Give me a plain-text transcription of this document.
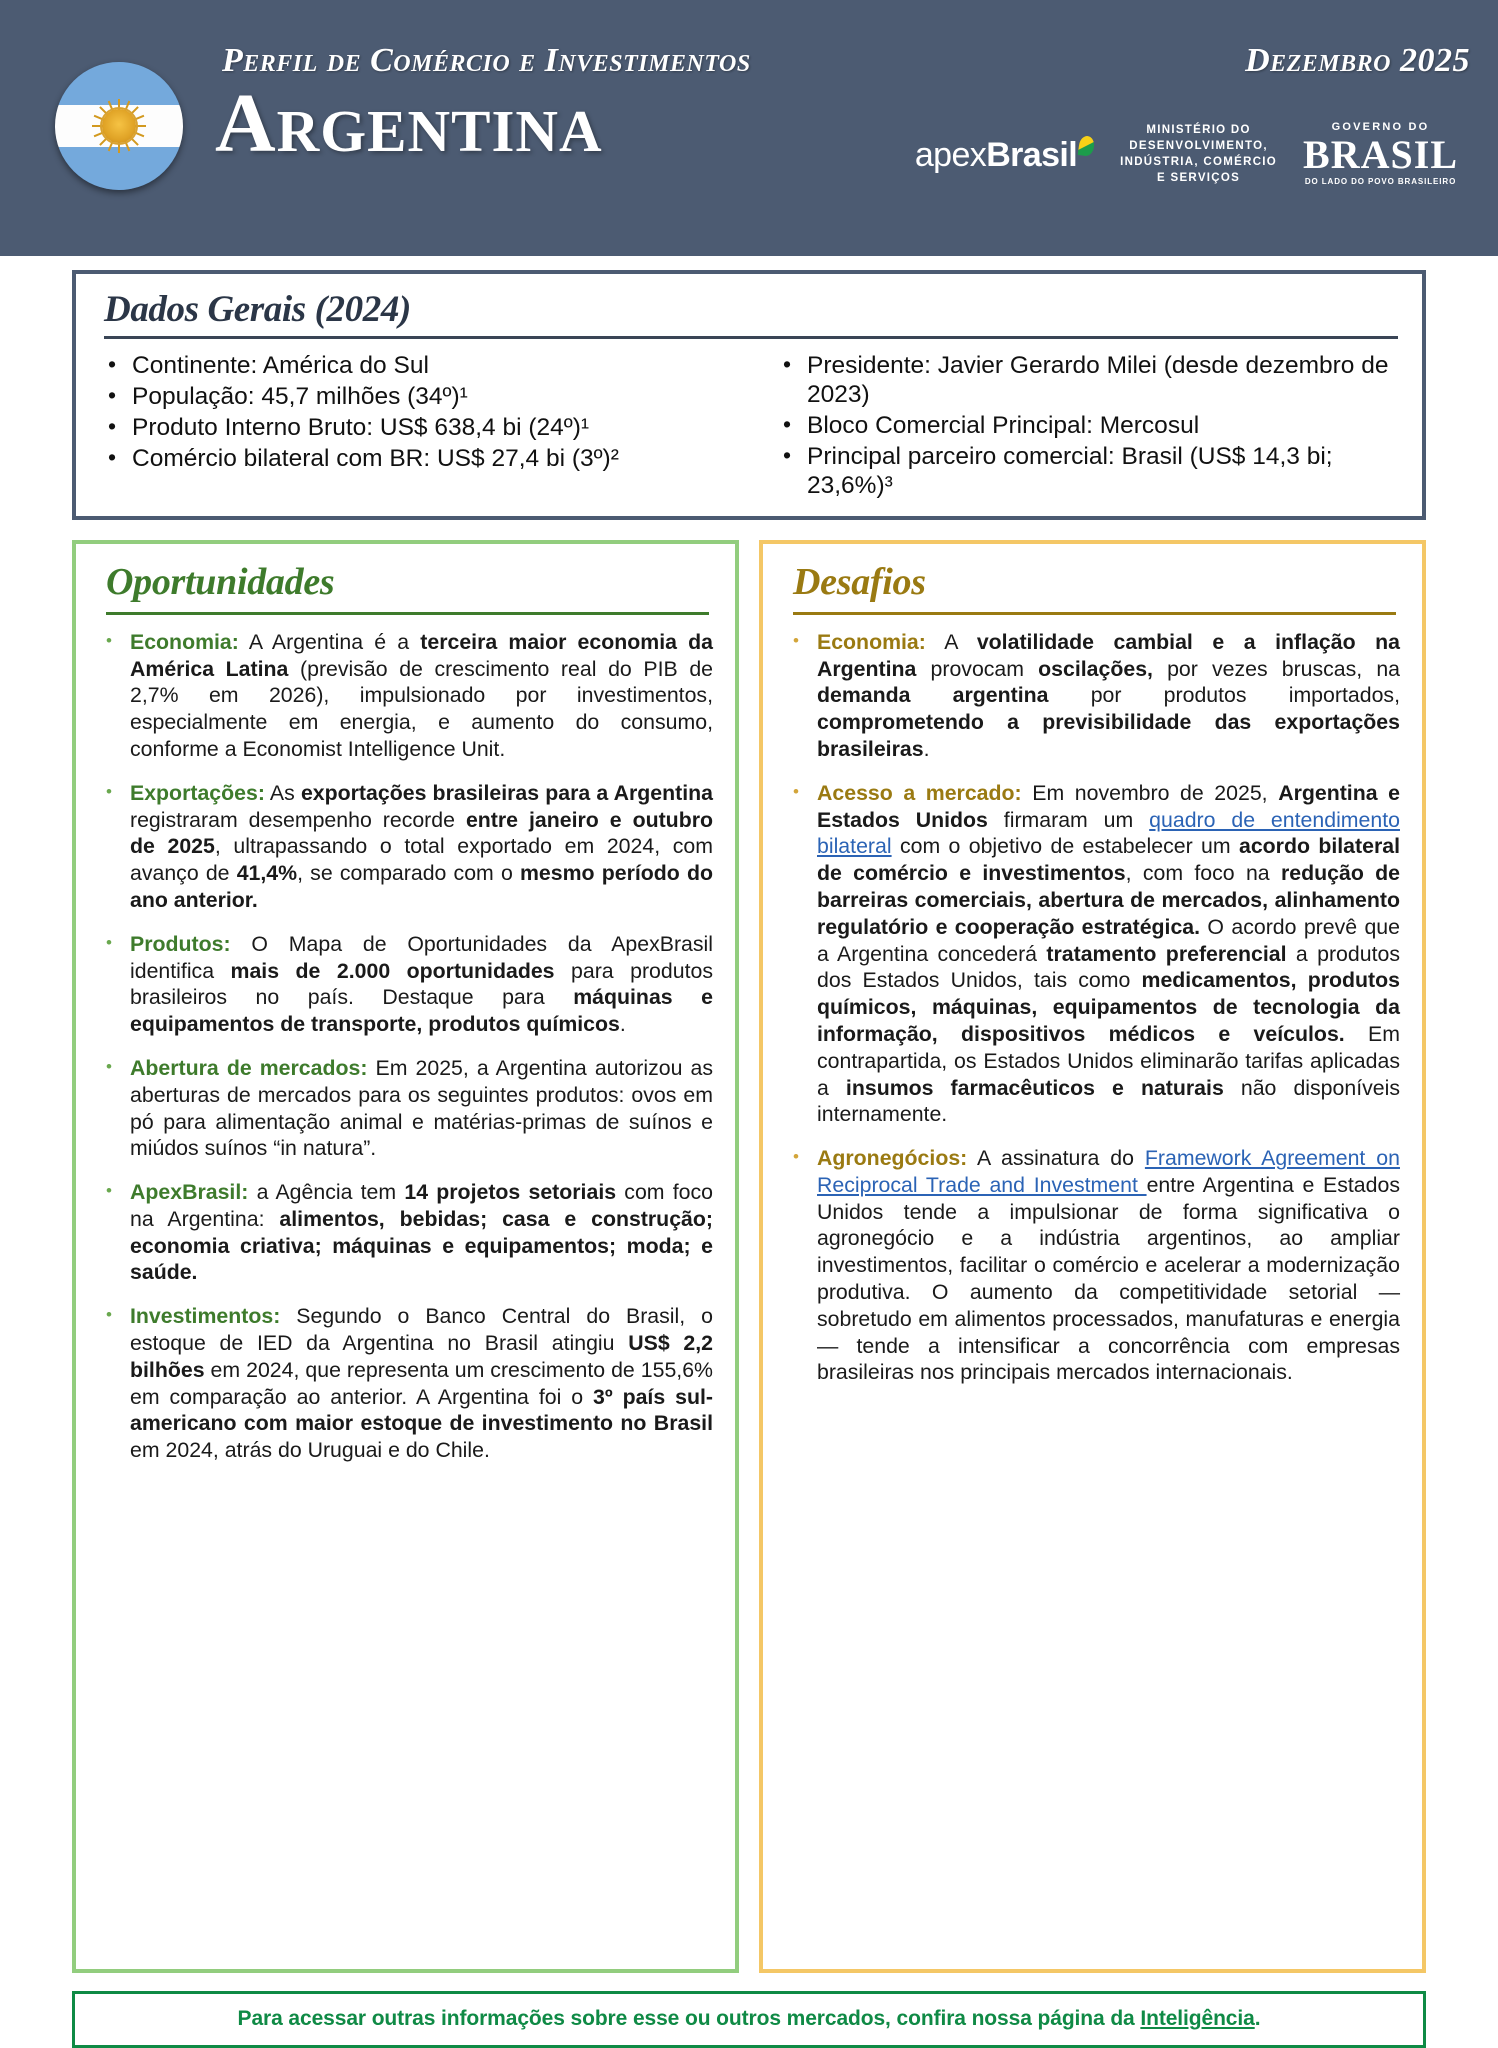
Perfil de Comércio e Investimentos	Dezembro 2025
Argentina	apexBrasil
MINISTÉRIO DO
DESENVOLVIMENTO,
INDÚSTRIA, COMÉRCIO
E SERVIÇOS
GOVERNO DO
BRASIL
DO LADO DO POVO BRASILEIRO
Dados Gerais (2024)
• Continente: América do Sul
• População: 45,7 milhões (34º)¹
• Produto Interno Bruto: US$ 638,4 bi (24º)¹
• Comércio bilateral com BR: US$ 27,4 bi (3º)²
• Presidente: Javier Gerardo Milei (desde dezembro de 2023)
• Bloco Comercial Principal: Mercosul
• Principal parceiro comercial: Brasil (US$ 14,3 bi; 23,6%)³
Oportunidades
• Economia: A Argentina é a terceira maior economia da América Latina (previsão de crescimento real do PIB de 2,7% em 2026), impulsionado por investimentos, especialmente em energia, e aumento do consumo, conforme a Economist Intelligence Unit.
• Exportações: As exportações brasileiras para a Argentina registraram desempenho recorde entre janeiro e outubro de 2025, ultrapassando o total exportado em 2024, com avanço de 41,4%, se comparado com o mesmo período do ano anterior.
• Produtos: O Mapa de Oportunidades da ApexBrasil identifica mais de 2.000 oportunidades para produtos brasileiros no país. Destaque para máquinas e equipamentos de transporte, produtos químicos.
• Abertura de mercados: Em 2025, a Argentina autorizou as aberturas de mercados para os seguintes produtos: ovos em pó para alimentação animal e matérias-primas de suínos e miúdos suínos “in natura”.
• ApexBrasil: a Agência tem 14 projetos setoriais com foco na Argentina: alimentos, bebidas; casa e construção; economia criativa; máquinas e equipamentos; moda; e saúde.
• Investimentos: Segundo o Banco Central do Brasil, o estoque de IED da Argentina no Brasil atingiu US$ 2,2 bilhões em 2024, que representa um crescimento de 155,6% em comparação ao anterior. A Argentina foi o 3º país sul-americano com maior estoque de investimento no Brasil em 2024, atrás do Uruguai e do Chile.
Desafios
• Economia: A volatilidade cambial e a inflação na Argentina provocam oscilações, por vezes bruscas, na demanda argentina por produtos importados, comprometendo a previsibilidade das exportações brasileiras.
• Acesso a mercado: Em novembro de 2025, Argentina e Estados Unidos firmaram um quadro de entendimento bilateral com o objetivo de estabelecer um acordo bilateral de comércio e investimentos, com foco na redução de barreiras comerciais, abertura de mercados, alinhamento regulatório e cooperação estratégica. O acordo prevê que a Argentina concederá tratamento preferencial a produtos dos Estados Unidos, tais como medicamentos, produtos químicos, máquinas, equipamentos de tecnologia da informação, dispositivos médicos e veículos. Em contrapartida, os Estados Unidos eliminarão tarifas aplicadas a insumos farmacêuticos e naturais não disponíveis internamente.
• Agronegócios: A assinatura do Framework Agreement on Reciprocal Trade and Investment entre Argentina e Estados Unidos tende a impulsionar de forma significativa o agronegócio e a indústria argentinos, ao ampliar investimentos, facilitar o comércio e acelerar a modernização produtiva. O aumento da competitividade setorial — sobretudo em alimentos processados, manufaturas e energia — tende a intensificar a concorrência com empresas brasileiras nos principais mercados internacionais.
Para acessar outras informações sobre esse ou outros mercados, confira nossa página da Inteligência.
